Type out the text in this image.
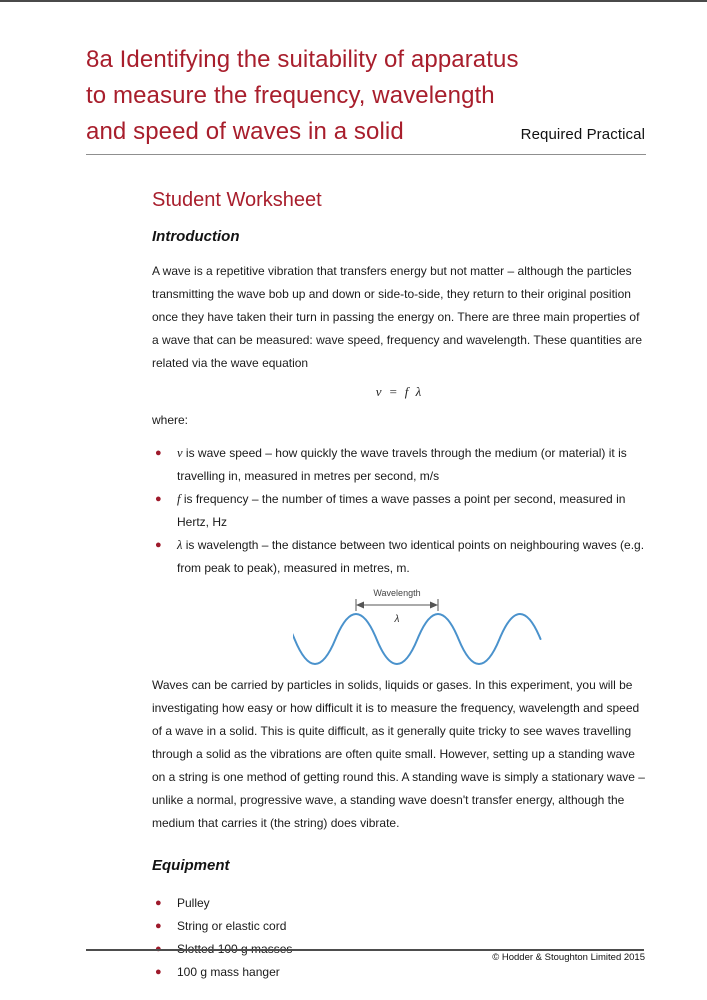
8a Identifying the suitability of apparatus
to measure the frequency, wavelength
and speed of waves in a solid	Required Practical
Student Worksheet
Introduction

A wave is a repetitive vibration that transfers energy but not matter – although the particles transmitting the wave bob up and down or side-to-side, they return to their original position once they have taken their turn in passing the energy on. There are three main properties of a wave that can be measured: wave speed, frequency and wavelength. These quantities are related via the wave equation

v = f λ

where:

●	v is wave speed – how quickly the wave travels through the medium (or material) it is travelling in, measured in metres per second, m/s
●	f is frequency – the number of times a wave passes a point per second, measured in Hertz, Hz
●	λ is wavelength – the distance between two identical points on neighbouring waves (e.g. from peak to peak), measured in metres, m.
Wavelength
λ

Waves can be carried by particles in solids, liquids or gases. In this experiment, you will be investigating how easy or how difficult it is to measure the frequency, wavelength and speed of a wave in a solid. This is quite difficult, as it generally quite tricky to see waves travelling through a solid as the vibrations are often quite small. However, setting up a standing wave on a string is one method of getting round this. A standing wave is simply a stationary wave – unlike a normal, progressive wave, a standing wave doesn't transfer energy, although the medium that carries it (the string) does vibrate.

Equipment
●	Pulley
●	String or elastic cord
●	100 g mass hanger
© Hodder & Stoughton Limited 2015
